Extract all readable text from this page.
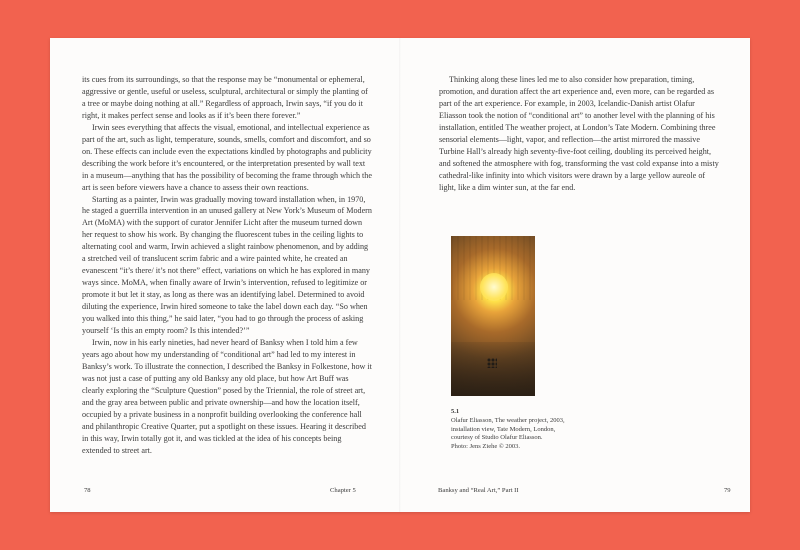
its cues from its surroundings, so that the response may be “monumental or ephemeral, aggressive or gentle, useful or useless, sculptural, architectural or simply the planting of a tree or maybe doing nothing at all.” Regardless of approach, Irwin says, “if you do it right, it makes perfect sense and looks as if it’s been there forever.”

Irwin sees everything that affects the visual, emotional, and intellectual experience as part of the art, such as light, temperature, sounds, smells, comfort and discomfort, and so on. These effects can include even the expectations kindled by photographs and publicity describing the work before it’s encountered, or the interpretation presented by wall text in a museum—anything that has the possibility of becoming the frame through which the art is seen before viewers have a chance to assess their own reactions.

Starting as a painter, Irwin was gradually moving toward installation when, in 1970, he staged a guerrilla intervention in an unused gallery at New York’s Museum of Modern Art (MoMA) with the support of curator Jennifer Licht after the museum turned down her request to show his work. By changing the fluorescent tubes in the ceiling lights to alternating cool and warm, Irwin achieved a slight rainbow phenomenon, and by adding a stretched veil of translucent scrim fabric and a wire painted white, he created an evanescent “it’s there/ it’s not there” effect, variations on which he has explored in many ways since. MoMA, when finally aware of Irwin’s intervention, refused to legitimize or promote it but let it stay, as long as there was an identifying label. Determined to avoid diluting the experience, Irwin hired someone to take the label down each day. “So when you walked into this thing,” he said later, “you had to go through the process of asking yourself ‘Is this an empty room? Is this intended?’”

Irwin, now in his early nineties, had never heard of Banksy when I told him a few years ago about how my understanding of “conditional art” had led to my interest in Banksy’s work. To illustrate the connection, I described the Banksy in Folkestone, how it was not just a case of putting any old Banksy any old place, but how Art Buff was clearly exploring the “Sculpture Question” posed by the Triennial, the role of street art, and the gray area between public and private ownership—and how the location itself, occupied by a private business in a nonprofit building overlooking the conference hall and philanthropic Creative Quarter, put a spotlight on these issues. Hearing it described in this way, Irwin totally got it, and was tickled at the idea of his concepts being extended to street art.

78	Chapter 5

Thinking along these lines led me to also consider how preparation, timing, promotion, and duration affect the art experience and, even more, can be regarded as part of the art experience. For example, in 2003, Icelandic-Danish artist Olafur Eliasson took the notion of “conditional art” to another level with the planning of his installation, entitled The weather project, at London’s Tate Modern. Combining three sensorial elements—light, vapor, and reflection—the artist mirrored the massive Turbine Hall’s already high seventy-five-foot ceiling, doubling its perceived height, and softened the atmosphere with fog, transforming the vast cold expanse into a misty cathedral-like infinity into which visitors were drawn by a large yellow aureole of light, like a dim winter sun, at the far end.

5.1
Olafur Eliasson, The weather project, 2003,
installation view, Tate Modern, London,
courtesy of Studio Olafur Eliasson.
Photo: Jens Ziehe © 2003.
Banksy and “Real Art,” Part II	79
